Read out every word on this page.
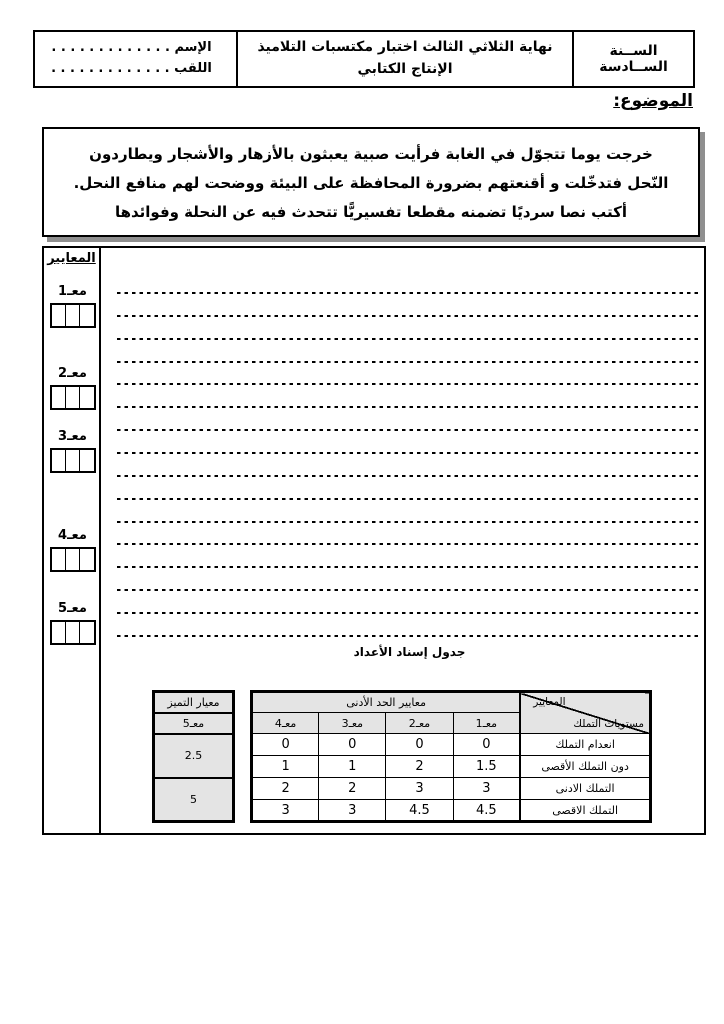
الســنة الســادسة	
نهاية الثلاثي الثالث اختبار مكتسبات التلاميذ
الإنتاج الكتابي

الإسم . . . . . . . . . . . . .
اللقب . . . . . . . . . . . . .
الموضوع:
خرجت يوما تتجوّل في الغابة فرأيت صبية يعبثون بالأزهار والأشجار ويطاردون
النّحل فتدخّلت و أقنعتهم بضرورة المحافظة على البيئة ووضحت لهم منافع النحل.
أكتب نصا سرديًا تضمنه مقطعا تفسيريًّا تتحدث فيه عن النحلة وفوائدها
المعايير
معـ1
معـ2
معـ3
معـ4
معـ5
جدول إسناد الأعداد
معيار التميز
معـ5
2.5
5
المعايير
مستويات التملك	معايير الحد الأدنى			
	معـ1	معـ2	معـ3	معـ4
انعدام التملك	0	0	0	0
دون التملك الأقصى	1.5	2	1	1
التملك الادنى	3	3	2	2
التملك الاقصى	4.5	4.5	3	3
